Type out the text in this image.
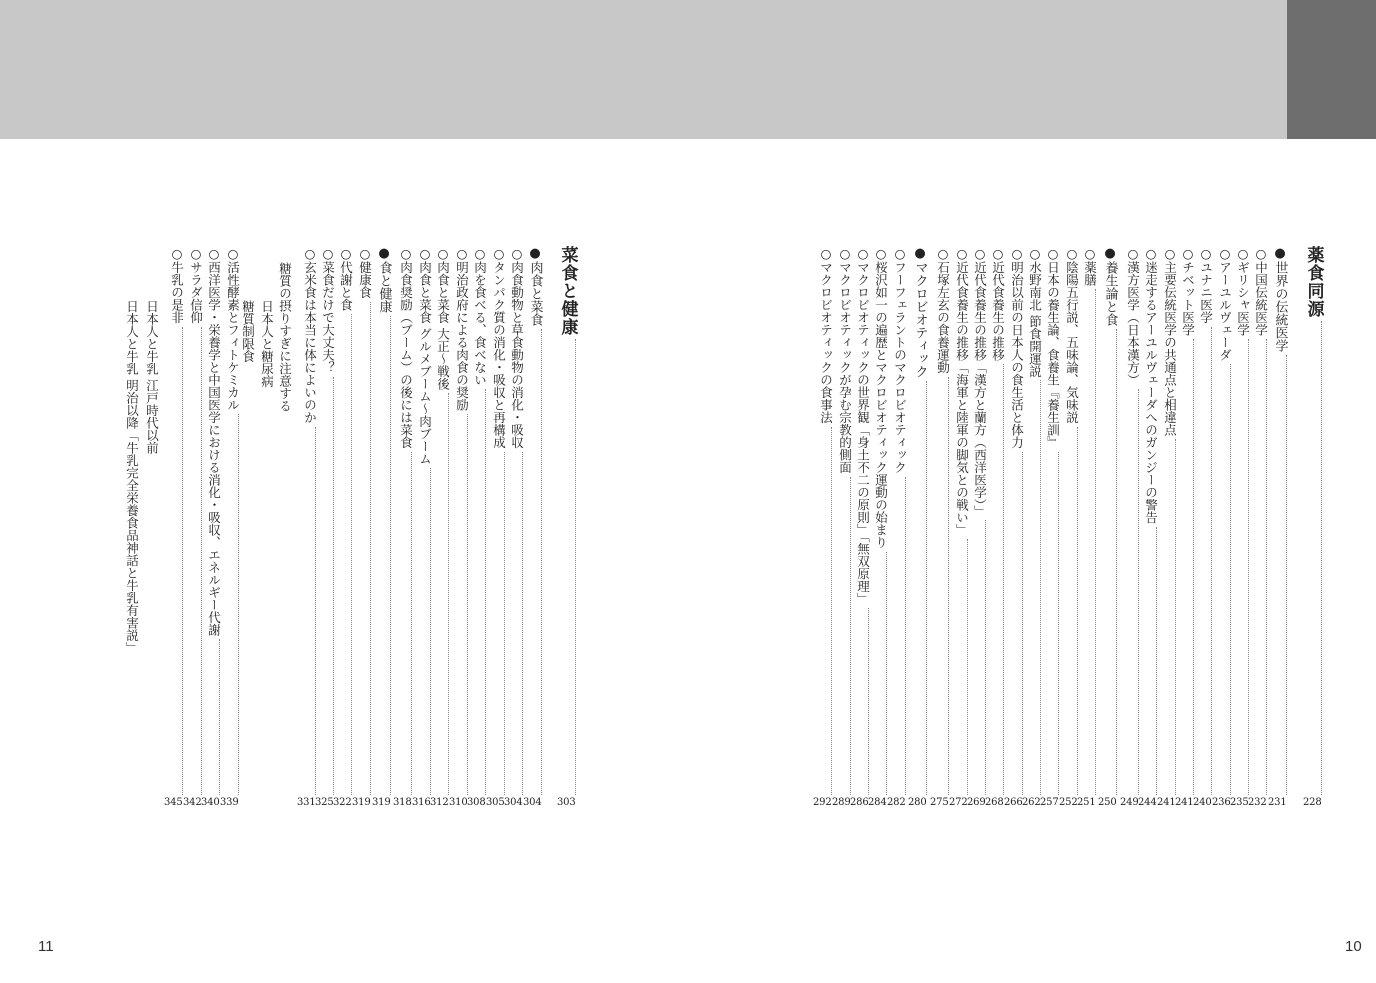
薬食同源
228
●世界の伝統医学
231
○中国伝統医学
232
○ギリシャ医学
235
○アーユルヴェーダ
236
○ユナニ医学
240
○チベット医学
241
○主要伝統医学の共通点と相違点
241
○迷走するアーユルヴェーダへのガンジーの警告
244
○漢方医学（日本漢方）
249
●養生論と食
250
○薬膳
251
○陰陽五行説、五味論、気味説
252
○日本の養生論、食養生『養生訓』
257
○水野南北 節食開運説
262
○明治以前の日本人の食生活と体力
266
○近代食養生の推移
268
○近代食養生の推移「漢方と蘭方（西洋医学）」
269
○近代食養生の推移「海軍と陸軍の脚気との戦い」
272
○石塚左玄の食養運動
275
●マクロビオティック
280
○フーフェラントのマクロビオティック
282
○桜沢如一の遍歴とマクロビオティック運動の始まり
284
○マクロビオティックの世界観「身土不二の原則」「無双原理」
286
○マクロビオティックが孕む宗教的側面
289
○マクロビオティックの食事法
292
菜食と健康
303
●肉食と菜食
304
○肉食動物と草食動物の消化・吸収
304
○タンパク質の消化・吸収と再構成
305
○肉を食べる、食べない
308
○明治政府による肉食の奨励
310
○肉食と菜食 大正〜戦後
312
○肉食と菜食 グルメブーム〜肉ブーム
316
○肉食奨励（ブーム）の後には菜食
318
●食と健康
319
○健康食
319
○代謝と食
322
○菜食だけで大丈夫？
325
○玄米食は本当に体によいのか
331
糖質の摂りすぎに注意する
日本人と糖尿病
糖質制限食
○活性酵素とフィトケミカル
339
○西洋医学・栄養学と中国医学における消化・吸収、エネルギー代謝
340
○サラダ信仰
342
○牛乳の是非
345
日本人と牛乳 江戸時代以前
日本人と牛乳 明治以降「牛乳完全栄養食品神話と牛乳有害説」
11	10
